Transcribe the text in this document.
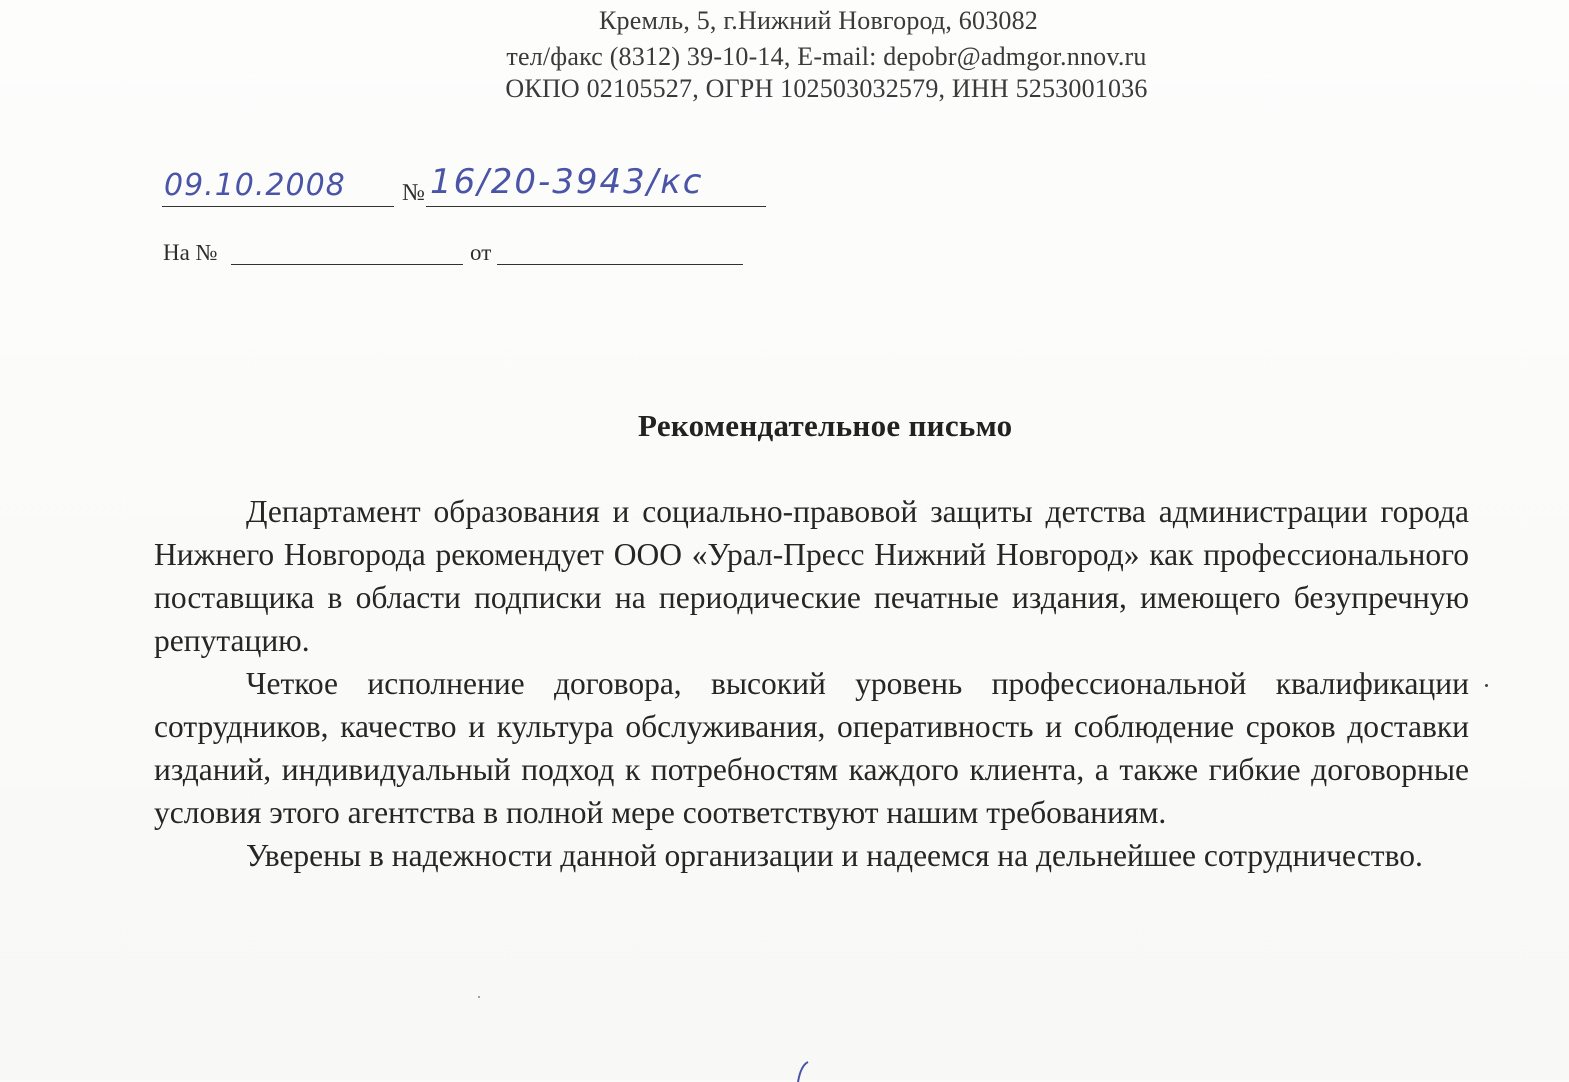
Кремль, 5, г.Нижний Новгород, 603082
тел/факс (8312) 39-10-14, E-mail: depobr@admgor.nnov.ru
ОКПО 02105527, ОГРН 102503032579, ИНН 5253001036
09.10.2008 № 16/20-3943/кс
На №	от
Рекомендательное письмо

Департамент образования и социально-правовой защиты детства администрации города Нижнего Новгорода рекомендует ООО «Урал-Пресс Нижний Новгород» как профессионального поставщика в области подписки на периодические печатные издания, имеющего безупречную репутацию.

Четкое исполнение договора, высокий уровень профессиональной квалификации сотрудников, качество и культура обслуживания, оперативность и соблюдение сроков доставки изданий, индивидуальный подход к потребностям каждого клиента, а также гибкие договорные условия этого агентства в полной мере соответствуют нашим требованиям.

Уверены в надежности данной организации и надеемся на дельнейшее сотрудничество.
